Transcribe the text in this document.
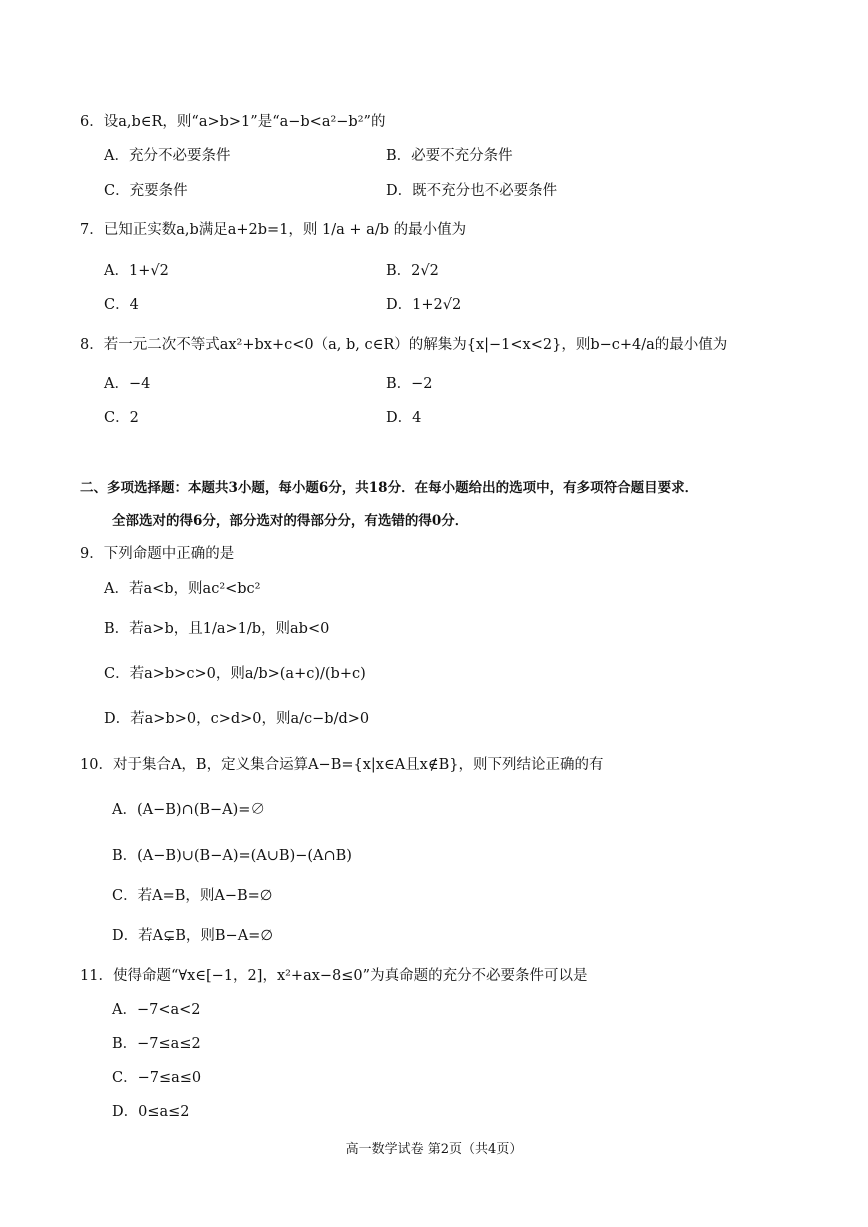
6．设a,b∈R，则“a>b>1”是“a−b<a²−b²”的
A．充分不必要条件	B．必要不充分条件
C．充要条件	D．既不充分也不必要条件
7．已知正实数a,b满足a+2b=1，则 1/a + a/b 的最小值为
A．1+√2	B．2√2
C．4	D．1+2√2
8．若一元二次不等式ax²+bx+c<0（a, b, c∈R）的解集为{x|−1<x<2}，则b−c+4/a的最小值为
A．−4	B．−2
C．2	D．4
二、多项选择题：本题共3小题，每小题6分，共18分．在每小题给出的选项中，有多项符合题目要求．
全部选对的得6分，部分选对的得部分分，有选错的得0分．
9．下列命题中正确的是
A．若a<b，则ac²<bc²
B．若a>b，且1/a>1/b，则ab<0
C．若a>b>c>0，则a/b>(a+c)/(b+c)
D．若a>b>0，c>d>0，则a/c−b/d>0
10．对于集合A，B，定义集合运算A−B={x|x∈A且x∉B}，则下列结论正确的有
A．(A−B)∩(B−A)=∅
B．(A−B)∪(B−A)=(A∪B)−(A∩B)
C．若A=B，则A−B=∅
D．若A⊊B，则B−A=∅
11．使得命题“∀x∈[−1，2]，x²+ax−8≤0”为真命题的充分不必要条件可以是
A．−7<a<2
B．−7≤a≤2
C．−7≤a≤0
D．0≤a≤2
高一数学试卷 第2页（共4页）
